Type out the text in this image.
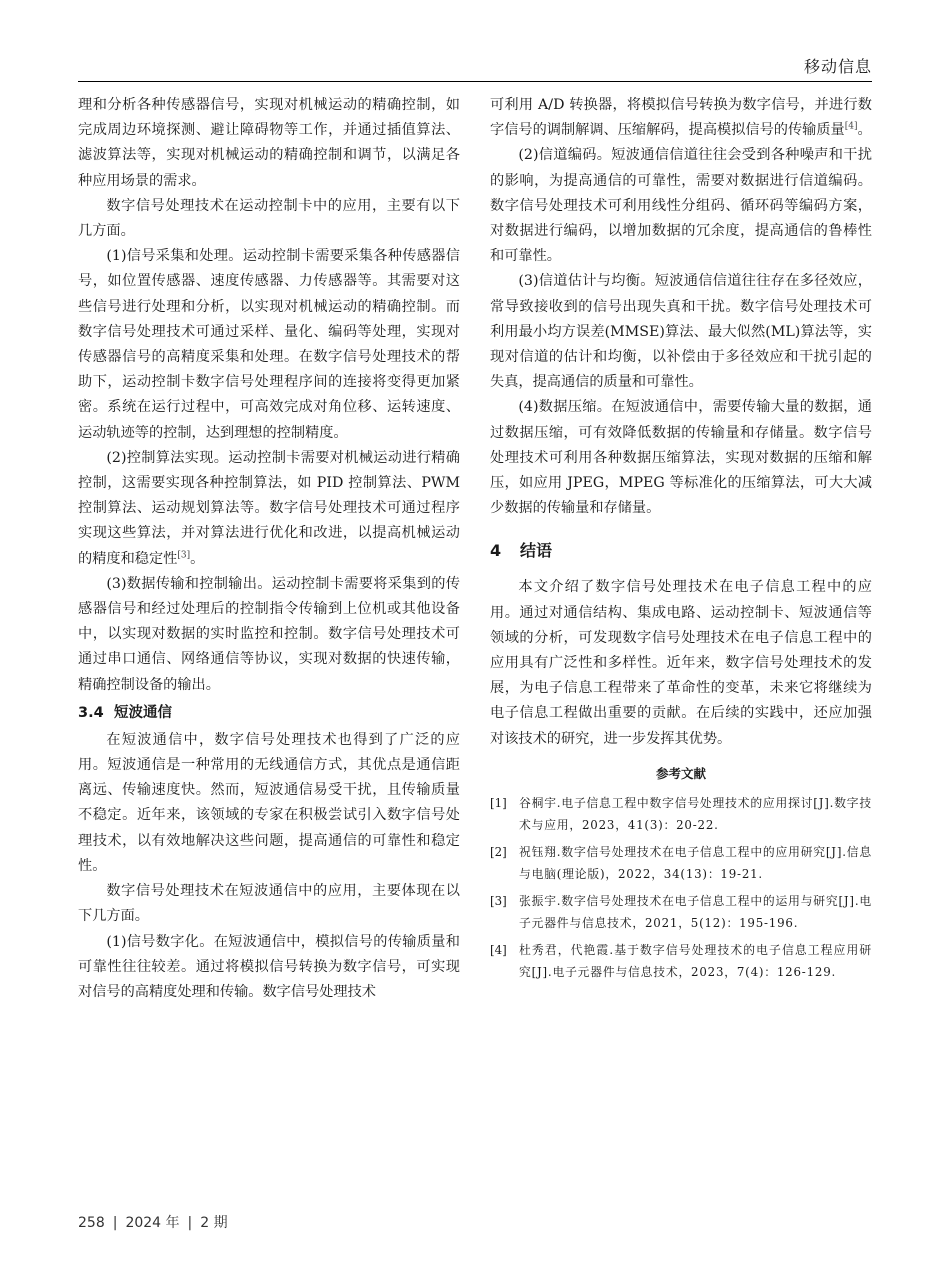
移动信息

理和分析各种传感器信号，实现对机械运动的精确控制，如完成周边环境探测、避让障碍物等工作，并通过插值算法、滤波算法等，实现对机械运动的精确控制和调节，以满足各种应用场景的需求。

数字信号处理技术在运动控制卡中的应用，主要有以下几方面。

(1)信号采集和处理。运动控制卡需要采集各种传感器信号，如位置传感器、速度传感器、力传感器等。其需要对这些信号进行处理和分析，以实现对机械运动的精确控制。而数字信号处理技术可通过采样、量化、编码等处理，实现对传感器信号的高精度采集和处理。在数字信号处理技术的帮助下，运动控制卡数字信号处理程序间的连接将变得更加紧密。系统在运行过程中，可高效完成对角位移、运转速度、运动轨迹等的控制，达到理想的控制精度。

(2)控制算法实现。运动控制卡需要对机械运动进行精确控制，这需要实现各种控制算法，如 PID 控制算法、PWM 控制算法、运动规划算法等。数字信号处理技术可通过程序实现这些算法，并对算法进行优化和改进，以提高机械运动的精度和稳定性[3]。

(3)数据传输和控制输出。运动控制卡需要将采集到的传感器信号和经过处理后的控制指令传输到上位机或其他设备中，以实现对数据的实时监控和控制。数字信号处理技术可通过串口通信、网络通信等协议，实现对数据的快速传输，精确控制设备的输出。

3.4 短波通信

在短波通信中，数字信号处理技术也得到了广泛的应用。短波通信是一种常用的无线通信方式，其优点是通信距离远、传输速度快。然而，短波通信易受干扰，且传输质量不稳定。近年来，该领域的专家在积极尝试引入数字信号处理技术，以有效地解决这些问题，提高通信的可靠性和稳定性。

数字信号处理技术在短波通信中的应用，主要体现在以下几方面。

(1)信号数字化。在短波通信中，模拟信号的传输质量和可靠性往往较差。通过将模拟信号转换为数字信号，可实现对信号的高精度处理和传输。数字信号处理技术

可利用 A/D 转换器，将模拟信号转换为数字信号，并进行数字信号的调制解调、压缩解码，提高模拟信号的传输质量[4]。

(2)信道编码。短波通信信道往往会受到各种噪声和干扰的影响，为提高通信的可靠性，需要对数据进行信道编码。数字信号处理技术可利用线性分组码、循环码等编码方案，对数据进行编码，以增加数据的冗余度，提高通信的鲁棒性和可靠性。

(3)信道估计与均衡。短波通信信道往往存在多径效应，常导致接收到的信号出现失真和干扰。数字信号处理技术可利用最小均方误差(MMSE)算法、最大似然(ML)算法等，实现对信道的估计和均衡，以补偿由于多径效应和干扰引起的失真，提高通信的质量和可靠性。

(4)数据压缩。在短波通信中，需要传输大量的数据，通过数据压缩，可有效降低数据的传输量和存储量。数字信号处理技术可利用各种数据压缩算法，实现对数据的压缩和解压，如应用 JPEG，MPEG 等标准化的压缩算法，可大大减少数据的传输量和存储量。

4 结语

本文介绍了数字信号处理技术在电子信息工程中的应用。通过对通信结构、集成电路、运动控制卡、短波通信等领域的分析，可发现数字信号处理技术在电子信息工程中的应用具有广泛性和多样性。近年来，数字信号处理技术的发展，为电子信息工程带来了革命性的变革，未来它将继续为电子信息工程做出重要的贡献。在后续的实践中，还应加强对该技术的研究，进一步发挥其优势。

参考文献
[1]	谷桐宇.电子信息工程中数字信号处理技术的应用探讨[J].数字技术与应用，2023，41(3)：20-22.
[2]	祝钰翔.数字信号处理技术在电子信息工程中的应用研究[J].信息与电脑(理论版)，2022，34(13)：19-21.
[3]	张振宇.数字信号处理技术在电子信息工程中的运用与研究[J].电子元器件与信息技术，2021，5(12)：195-196.
[4]	杜秀君，代艳霞.基于数字信号处理技术的电子信息工程应用研究[J].电子元器件与信息技术，2023，7(4)：126-129.
258 | 2024 年 | 2 期
